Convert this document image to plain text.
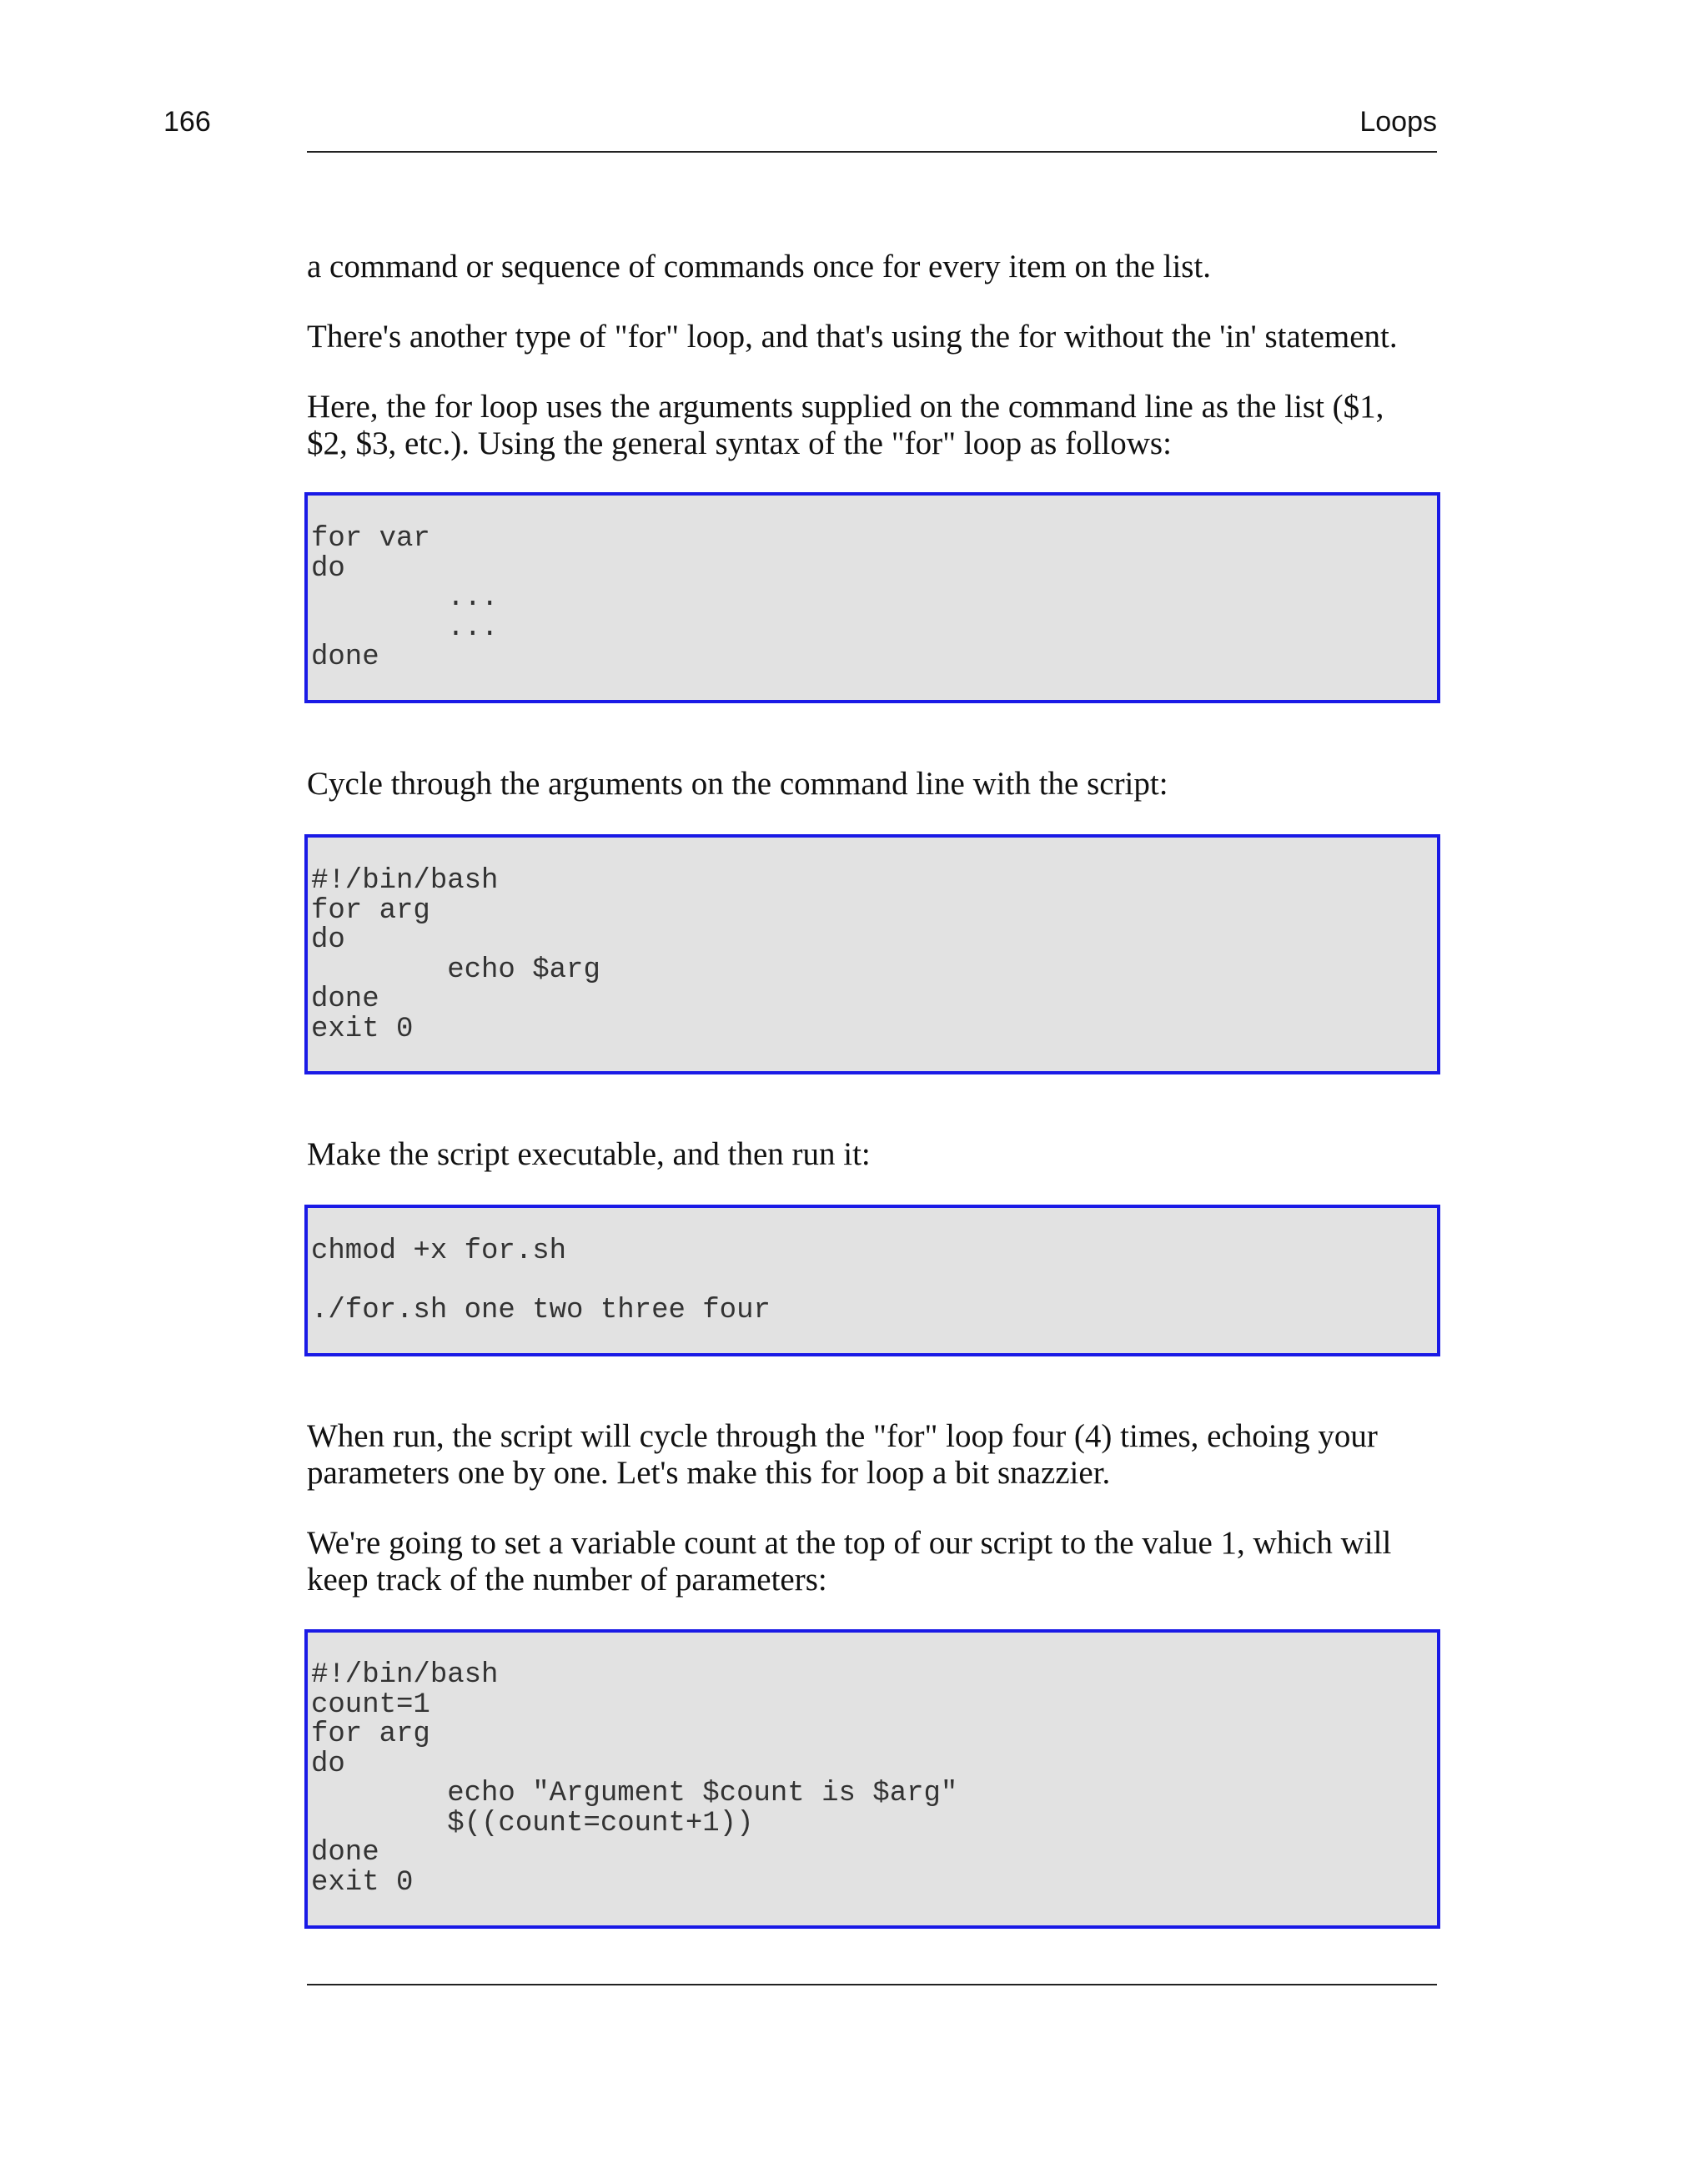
166	Loops

a command or sequence of commands once for every item on the list.

There's another type of "for" loop, and that's using the for without the 'in' statement.

Here, the for loop uses the arguments supplied on the command line as the list ($1,
$2, $3, etc.). Using the general syntax of the "for" loop as follows:
for var
do
...
...
done

Cycle through the arguments on the command line with the script:

#!/bin/bash
for arg
do
echo $arg
done
exit 0

Make the script executable, and then run it:

chmod +x for.sh

./for.sh one two three four
When run, the script will cycle through the "for" loop four (4) times, echoing your
parameters one by one. Let's make this for loop a bit snazzier.
We're going to set a variable count at the top of our script to the value 1, which will
keep track of the number of parameters:
#!/bin/bash
count=1
for arg
do
echo "Argument $count is $arg"
$((count=count+1))
done
exit 0
